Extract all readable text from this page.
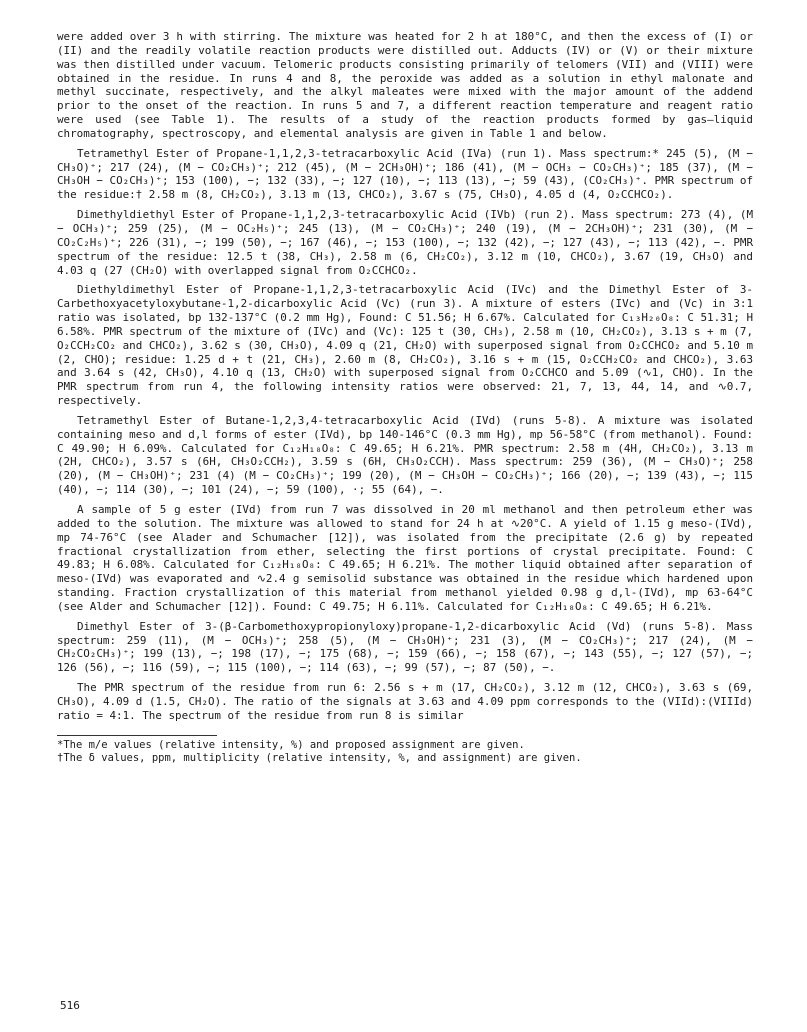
were added over 3 h with stirring. The mixture was heated for 2 h at 180°C, and then the excess of (I) or (II) and the readily volatile reaction products were distilled out. Adducts (IV) or (V) or their mixture was then distilled under vacuum. Telomeric products consisting primarily of telomers (VII) and (VIII) were obtained in the residue. In runs 4 and 8, the peroxide was added as a solution in ethyl malonate and methyl succinate, respectively, and the alkyl maleates were mixed with the major amount of the addend prior to the onset of the reaction. In runs 5 and 7, a different reaction temperature and reagent ratio were used (see Table 1). The results of a study of the reaction products formed by gas—liquid chromatography, spectroscopy, and elemental analysis are given in Table 1 and below.

Tetramethyl Ester of Propane-1,1,2,3-tetracarboxylic Acid (IVa) (run 1). Mass spectrum:* 245 (5), (M − CH₃O)⁺; 217 (24), (M − CO₂CH₃)⁺; 212 (45), (M − 2CH₃OH)⁺; 186 (41), (M − OCH₃ − CO₂CH₃)⁺; 185 (37), (M − CH₃OH − CO₂CH₃)⁺; 153 (100), −; 132 (33), −; 127 (10), −; 113 (13), −; 59 (43), (CO₂CH₃)⁺. PMR spectrum of the residue:† 2.58 m (8, CH₂CO₂), 3.13 m (13, CHCO₂), 3.67 s (75, CH₃O), 4.05 d (4, O₂CCHCO₂).

Dimethyldiethyl Ester of Propane-1,1,2,3-tetracarboxylic Acid (IVb) (run 2). Mass spectrum: 273 (4), (M − OCH₃)⁺; 259 (25), (M − OC₂H₅)⁺; 245 (13), (M − CO₂CH₃)⁺; 240 (19), (M − 2CH₃OH)⁺; 231 (30), (M − CO₂C₂H₅)⁺; 226 (31), −; 199 (50), −; 167 (46), −; 153 (100), −; 132 (42), −; 127 (43), −; 113 (42), −. PMR spectrum of the residue: 12.5 t (38, CH₃), 2.58 m (6, CH₂CO₂), 3.12 m (10, CHCO₂), 3.67 (19, CH₃O) and 4.03 q (27 (CH₂O) with overlapped signal from O₂CCHCO₂.

Diethyldimethyl Ester of Propane-1,1,2,3-tetracarboxylic Acid (IVc) and the Dimethyl Ester of 3-Carbethoxyacetyloxybutane-1,2-dicarboxylic Acid (Vc) (run 3). A mixture of esters (IVc) and (Vc) in 3:1 ratio was isolated, bp 132-137°C (0.2 mm Hg), Found: C 51.56; H 6.67%. Calculated for C₁₃H₂₀O₈: C 51.31; H 6.58%. PMR spectrum of the mixture of (IVc) and (Vc): 125 t (30, CH₃), 2.58 m (10, CH₂CO₂), 3.13 s + m (7, O₂CCH₂CO₂ and CHCO₂), 3.62 s (30, CH₃O), 4.09 q (21, CH₂O) with superposed signal from O₂CCHCO₂ and 5.10 m (2, CHO); residue: 1.25 d + t (21, CH₃), 2.60 m (8, CH₂CO₂), 3.16 s + m (15, O₂CCH₂CO₂ and CHCO₂), 3.63 and 3.64 s (42, CH₃O), 4.10 q (13, CH₂O) with superposed signal from O₂CCHCO and 5.09 (∿1, CHO). In the PMR spectrum from run 4, the following intensity ratios were observed: 21, 7, 13, 44, 14, and ∿0.7, respectively.

Tetramethyl Ester of Butane-1,2,3,4-tetracarboxylic Acid (IVd) (runs 5-8). A mixture was isolated containing meso and d,l forms of ester (IVd), bp 140-146°C (0.3 mm Hg), mp 56-58°C (from methanol). Found: C 49.90; H 6.09%. Calculated for C₁₂H₁₈O₈: C 49.65; H 6.21%. PMR spectrum: 2.58 m (4H, CH₂CO₂), 3.13 m (2H, CHCO₂), 3.57 s (6H, CH₃O₂CCH₂), 3.59 s (6H, CH₃O₂CCH). Mass spectrum: 259 (36), (M − CH₃O)⁺; 258 (20), (M − CH₃OH)⁺; 231 (4) (M − CO₂CH₃)⁺; 199 (20), (M − CH₃OH − CO₂CH₃)⁺; 166 (20), −; 139 (43), −; 115 (40), −; 114 (30), −; 101 (24), −; 59 (100), ·; 55 (64), −.

A sample of 5 g ester (IVd) from run 7 was dissolved in 20 ml methanol and then petroleum ether was added to the solution. The mixture was allowed to stand for 24 h at ∿20°C. A yield of 1.15 g meso-(IVd), mp 74-76°C (see Alader and Schumacher [12]), was isolated from the precipitate (2.6 g) by repeated fractional crystallization from ether, selecting the first portions of crystal precipitate. Found: C 49.83; H 6.08%. Calculated for C₁₂H₁₈O₈: C 49.65; H 6.21%. The mother liquid obtained after separation of meso-(IVd) was evaporated and ∿2.4 g semisolid substance was obtained in the residue which hardened upon standing. Fraction crystallization of this material from methanol yielded 0.98 g d,l-(IVd), mp 63-64°C (see Alder and Schumacher [12]). Found: C 49.75; H 6.11%. Calculated for C₁₂H₁₈O₈: C 49.65; H 6.21%.

Dimethyl Ester of 3-(β-Carbomethoxypropionyloxy)propane-1,2-dicarboxylic Acid (Vd) (runs 5-8). Mass spectrum: 259 (11), (M − OCH₃)⁺; 258 (5), (M − CH₃OH)⁺; 231 (3), (M − CO₂CH₃)⁺; 217 (24), (M − CH₂CO₂CH₃)⁺; 199 (13), −; 198 (17), −; 175 (68), −; 159 (66), −; 158 (67), −; 143 (55), −; 127 (57), −; 126 (56), −; 116 (59), −; 115 (100), −; 114 (63), −; 99 (57), −; 87 (50), −.

The PMR spectrum of the residue from run 6: 2.56 s + m (17, CH₂CO₂), 3.12 m (12, CHCO₂), 3.63 s (69, CH₃O), 4.09 d (1.5, CH₂O). The ratio of the signals at 3.63 and 4.09 ppm corresponds to the (VIId):(VIIId) ratio = 4:1. The spectrum of the residue from run 8 is similar

*The m/e values (relative intensity, %) and proposed assignment are given.

†The δ values, ppm, multiplicity (relative intensity, %, and assignment) are given.

516
